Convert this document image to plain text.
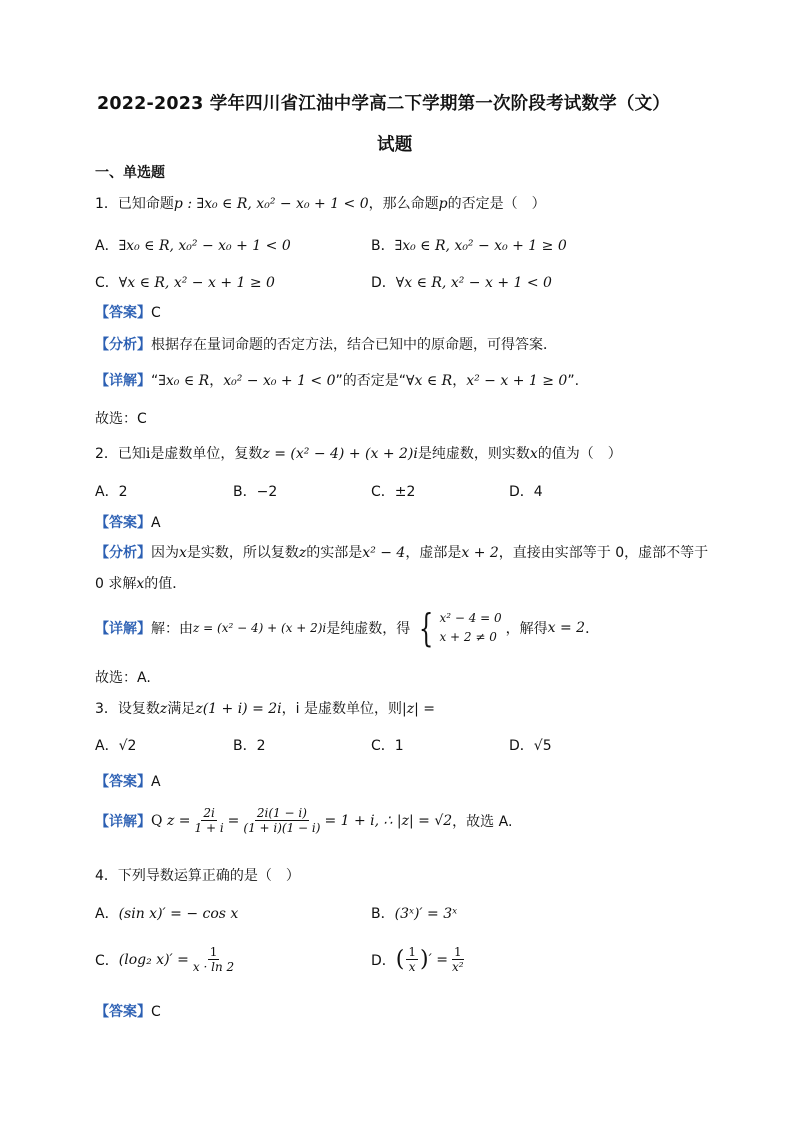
2022-2023 学年四川省江油中学高二下学期第一次阶段考试数学（文）
试题
一、单选题
1．已知命题p : ∃x₀ ∈ R, x₀² − x₀ + 1 < 0，那么命题p的否定是（　）
A．∃x₀ ∈ R, x₀² − x₀ + 1 < 0	B．∃x₀ ∈ R, x₀² − x₀ + 1 ≥ 0
C．∀x ∈ R, x² − x + 1 ≥ 0	D．∀x ∈ R, x² − x + 1 < 0
【答案】C
【分析】根据存在量词命题的否定方法，结合已知中的原命题，可得答案．
【详解】“∃x₀ ∈ R，x₀² − x₀ + 1 < 0”的否定是“∀x ∈ R，x² − x + 1 ≥ 0”.
故选：C
2．已知i是虚数单位，复数z = (x² − 4) + (x + 2)i是纯虚数，则实数x的值为（　）
A．2	B．−2	C．±2	D．4
【答案】A
【分析】因为x是实数，所以复数z的实部是x² − 4，虚部是x + 2，直接由实部等于 0，虚部不等于
0 求解x的值．
【详解】 解：由 z = (x² − 4) + (x + 2)i 是纯虚数，得 { x² − 4 = 0
x + 2 ≠ 0 ，解得 x = 2 ．
故选：A.
3．设复数z满足z(1 + i) = 2i，i 是虚数单位，则|z| =
A．√2	B．2	C．1	D．√5
【答案】A
【详解】 Q
$z = \frac{2i}{1 + i} = \frac{2i(1 - i)}{(1 + i)(1 - i)} = 1 + i$, ∴ |z| = √2 ，故选 A.
4．下列导数运算正确的是（　）
A．(sin x)′ = − cos x	B．(3ˣ)′ = 3ˣ
C． (log₂ $x)' = \frac{1}{x \cdot \ln 2}$	D． ( $\frac{1}{x}$ ) ′ = $\frac{1}{\text{x²}}$
【答案】C
